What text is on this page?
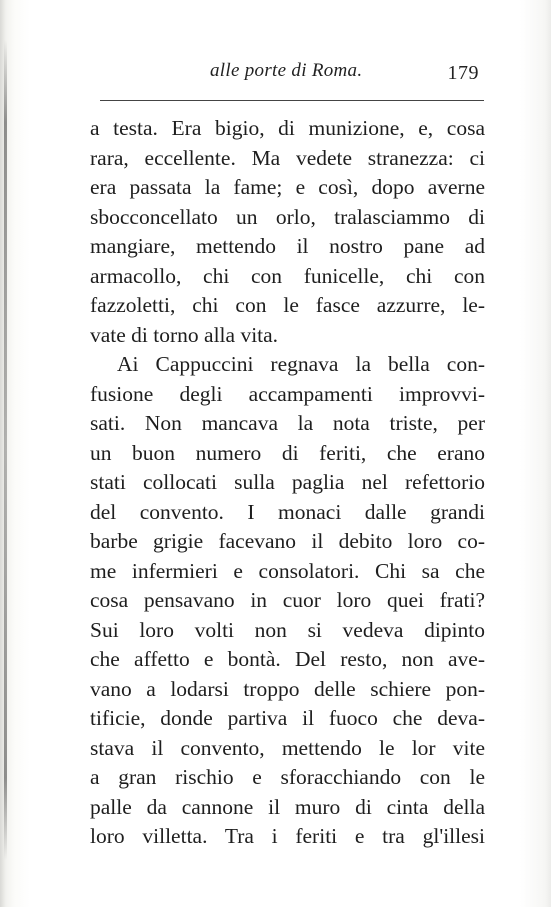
alle porte di Roma.	179
a testa. Era bigio, di munizione, e, cosa
rara, eccellente. Ma vedete stranezza: ci
era passata la fame; e così, dopo averne
sbocconcellato un orlo, tralasciammo di
mangiare, mettendo il nostro pane ad
armacollo, chi con funicelle, chi con
fazzoletti, chi con le fasce azzurre, le-
vate di torno alla vita.
Ai Cappuccini regnava la bella con-
fusione degli accampamenti improvvi-
sati. Non mancava la nota triste, per
un buon numero di feriti, che erano
stati collocati sulla paglia nel refettorio
del convento. I monaci dalle grandi
barbe grigie facevano il debito loro co-
me infermieri e consolatori. Chi sa che
cosa pensavano in cuor loro quei frati?
Sui loro volti non si vedeva dipinto
che affetto e bontà. Del resto, non ave-
vano a lodarsi troppo delle schiere pon-
tificie, donde partiva il fuoco che deva-
stava il convento, mettendo le lor vite
a gran rischio e sforacchiando con le
palle da cannone il muro di cinta della
loro villetta. Tra i feriti e tra gl'illesi
